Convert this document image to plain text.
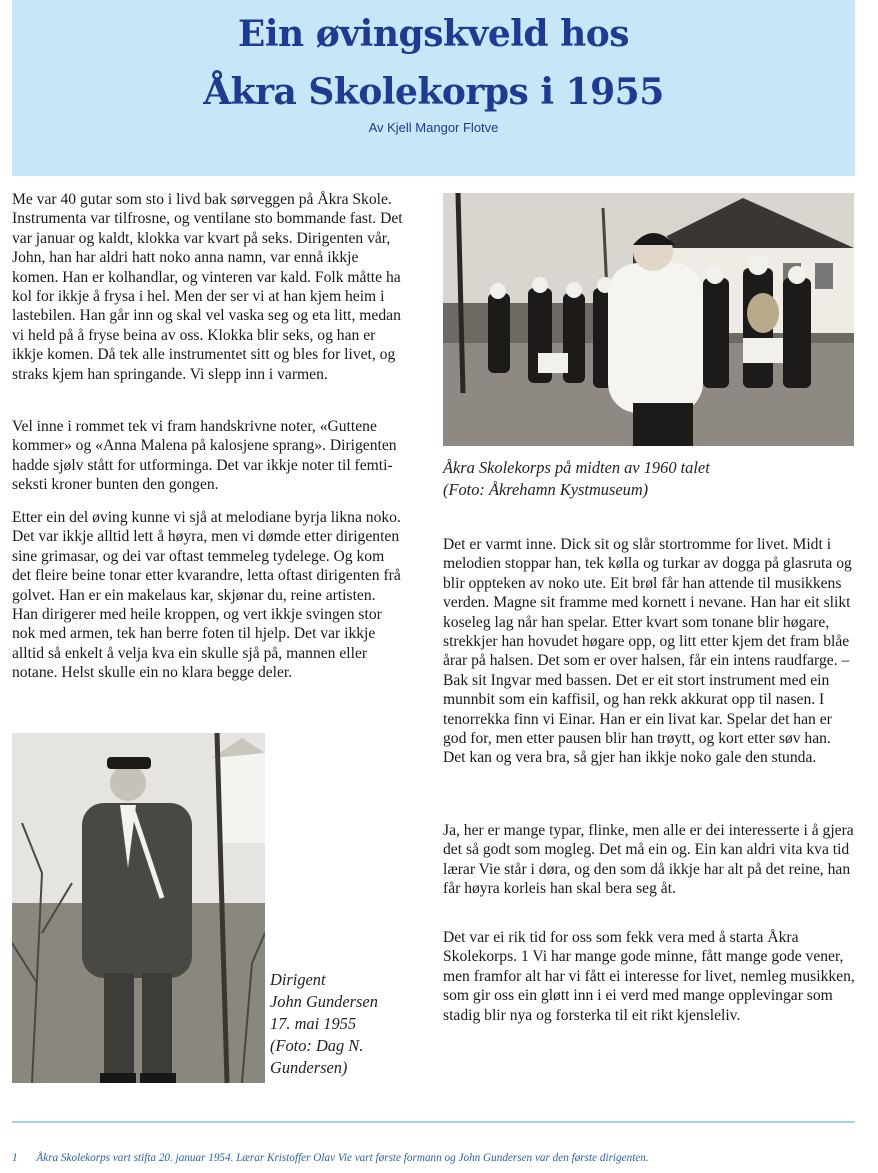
Ein øvingskveld hos
Åkra Skolekorps i 1955
Av Kjell Mangor Flotve

Me var 40 gutar som sto i livd bak sørveggen på Åkra Skole. Instrumenta var tilfrosne, og ventilane sto bommande fast. Det var januar og kaldt, klokka var kvart på seks. Dirigenten vår, John, han har aldri hatt noko anna namn, var ennå ikkje komen. Han er kolhandlar, og vinteren var kald. Folk måtte ha kol for ikkje å frysa i hel. Men der ser vi at han kjem heim i lastebilen. Han går inn og skal vel vaska seg og eta litt, medan vi held på å fryse beina av oss. Klokka blir seks, og han er ikkje komen. Då tek alle instrumentet sitt og bles for livet, og straks kjem han springande. Vi slepp inn i varmen.

Vel inne i rommet tek vi fram handskrivne noter, «Guttene kommer» og «Anna Malena på kalosjene sprang». Dirigenten hadde sjølv stått for utforminga. Det var ikkje noter til femti-seksti kroner bunten den gongen.

Etter ein del øving kunne vi sjå at melodiane byrja likna noko. Det var ikkje alltid lett å høyra, men vi dømde etter dirigenten sine grimasar, og dei var oftast temmeleg tydelege. Og kom det fleire beine tonar etter kvarandre, letta oftast dirigenten frå golvet. Han er ein makelaus kar, skjønar du, reine artisten. Han dirigerer med heile kroppen, og vert ikkje svingen stor nok med armen, tek han berre foten til hjelp. Det var ikkje alltid så enkelt å velja kva ein skulle sjå på, mannen eller notane. Helst skulle ein no klara begge deler.

Åkra Skolekorps på midten av 1960 talet
(Foto: Åkrehamn Kystmuseum)

Det er varmt inne. Dick sit og slår stortromme for livet. Midt i melodien stoppar han, tek kølla og turkar av dogga på glasruta og blir oppteken av noko ute. Eit brøl får han attende til musikkens verden. Magne sit framme med kornett i nevane. Han har eit slikt koseleg lag når han spelar. Etter kvart som tonane blir høgare, strekkjer han hovudet høgare opp, og litt etter kjem det fram blåe årar på halsen. Det som er over halsen, får ein intens raudfarge. – Bak sit Ingvar med bassen. Det er eit stort instrument med ein munnbit som ein kaffisil, og han rekk akkurat opp til nasen. I tenorrekka finn vi Einar. Han er ein livat kar. Spelar det han er god for, men etter pausen blir han trøytt, og kort etter søv han. Det kan og vera bra, så gjer han ikkje noko gale den stunda.

Ja, her er mange typar, flinke, men alle er dei interesserte i å gjera det så godt som mogleg. Det må ein og. Ein kan aldri vita kva tid lærar Vie står i døra, og den som då ikkje har alt på det reine, han får høyra korleis han skal bera seg åt.

Det var ei rik tid for oss som fekk vera med å starta Åkra Skolekorps. 1 Vi har mange gode minne, fått mange gode vener, men framfor alt har vi fått ei interesse for livet, nemleg musikken, som gir oss ein gløtt inn i ei verd med mange opplevingar som stadig blir nya og forsterka til eit rikt kjensleliv.

Dirigent
John Gundersen
17. mai 1955
(Foto: Dag N.
Gundersen)

1 Åkra Skolekorps vart stifta 20. januar 1954. Lærar Kristoffer Olav Vie vart første formann og John Gundersen var den første dirigenten.
